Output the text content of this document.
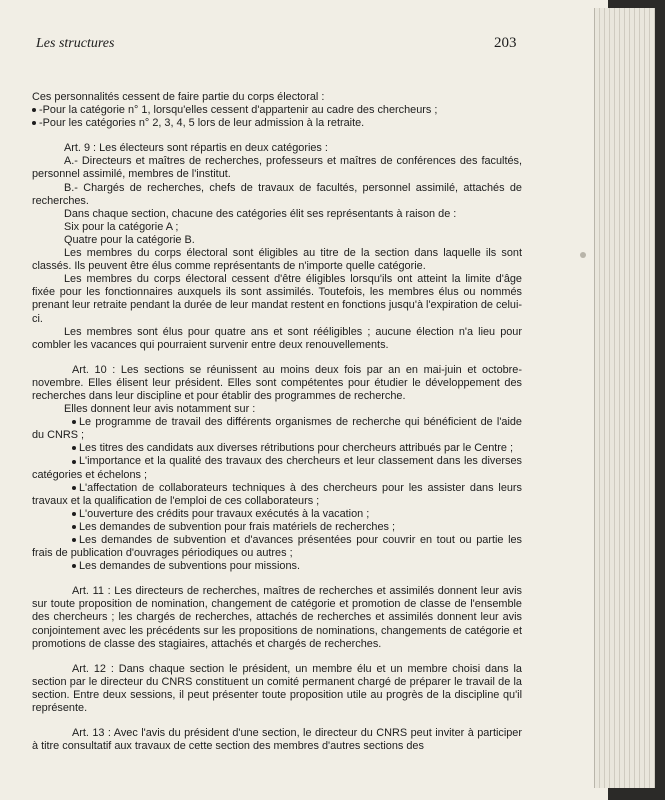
Les structures	203

Ces personnalités cessent de faire partie du corps électoral :

-Pour la catégorie n° 1, lorsqu'elles cessent d'appartenir au cadre des chercheurs ;

-Pour les catégories n° 2, 3, 4, 5 lors de leur admission à la retraite.

Art. 9 : Les électeurs sont répartis en deux catégories :

A.- Directeurs et maîtres de recherches, professeurs et maîtres de conférences des facultés, personnel assimilé, membres de l'institut.

B.- Chargés de recherches, chefs de travaux de facultés, personnel assimilé, attachés de recherches.

Dans chaque section, chacune des catégories élit ses représentants à raison de :

Six pour la catégorie A ;

Quatre pour la catégorie B.

Les membres du corps électoral sont éligibles au titre de la section dans laquelle ils sont classés. Ils peuvent être élus comme représentants de n'importe quelle catégorie.

Les membres du corps électoral cessent d'être éligibles lorsqu'ils ont atteint la limite d'âge fixée pour les fonctionnaires auxquels ils sont assimilés. Toutefois, les membres élus ou nommés prenant leur retraite pendant la durée de leur mandat restent en fonctions jusqu'à l'expiration de celui-ci.

Les membres sont élus pour quatre ans et sont rééligibles ; aucune élection n'a lieu pour combler les vacances qui pourraient survenir entre deux renouvellements.

Art. 10 : Les sections se réunissent au moins deux fois par an en mai-juin et octobre-novembre. Elles élisent leur président. Elles sont compétentes pour étudier le développement des recherches dans leur discipline et pour établir des programmes de recherche.

Elles donnent leur avis notamment sur :

Le programme de travail des différents organismes de recherche qui bénéficient de l'aide du CNRS ;

Les titres des candidats aux diverses rétributions pour chercheurs attribués par le Centre ;

L'importance et la qualité des travaux des chercheurs et leur classement dans les diverses catégories et échelons ;

L'affectation de collaborateurs techniques à des chercheurs pour les assister dans leurs travaux et la qualification de l'emploi de ces collaborateurs ;

L'ouverture des crédits pour travaux exécutés à la vacation ;

Les demandes de subvention pour frais matériels de recherches ;

Les demandes de subvention et d'avances présentées pour couvrir en tout ou partie les frais de publication d'ouvrages périodiques ou autres ;

Les demandes de subventions pour missions.

Art. 11 : Les directeurs de recherches, maîtres de recherches et assimilés donnent leur avis sur toute proposition de nomination, changement de catégorie et promotion de classe de l'ensemble des chercheurs ; les chargés de recherches, attachés de recherches et assimilés donnent leur avis conjointement avec les précédents sur les propositions de nominations, changements de catégorie et promotions de classe des stagiaires, attachés et chargés de recherches.

Art. 12 : Dans chaque section le président, un membre élu et un membre choisi dans la section par le directeur du CNRS constituent un comité permanent chargé de préparer le travail de la section. Entre deux sessions, il peut présenter toute proposition utile au progrès de la discipline qu'il représente.

Art. 13 : Avec l'avis du président d'une section, le directeur du CNRS peut inviter à participer à titre consultatif aux travaux de cette section des membres d'autres sections des
